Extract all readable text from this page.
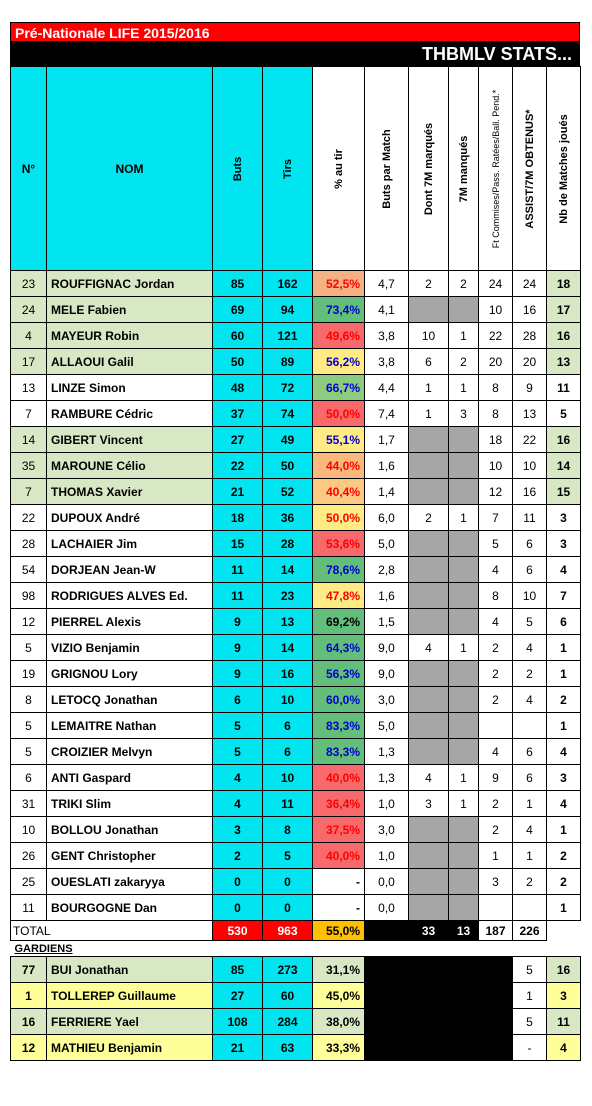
Pré-Nationale LIFE 2015/2016
THBMLV STATS...
N°	NOM	Buts	Tirs	% au tir	Buts par Match	Dont 7M marqués	7M manqués	Ft Commises/Pass. Ratées/Ball. Pend.*	ASSIST/7M OBTENUS*	Nb de Matches joués

23	ROUFFIGNAC Jordan	85	162	52,5%	4,7	2	2	24	24	18
24	MELE Fabien	69	94	73,4%	4,1			10	16	17
4	MAYEUR Robin	60	121	49,6%	3,8	10	1	22	28	16
17	ALLAOUI Galil	50	89	56,2%	3,8	6	2	20	20	13
13	LINZE Simon	48	72	66,7%	4,4	1	1	8	9	11
7	RAMBURE Cédric	37	74	50,0%	7,4	1	3	8	13	5
14	GIBERT Vincent	27	49	55,1%	1,7			18	22	16
35	MAROUNE Célio	22	50	44,0%	1,6			10	10	14
7	THOMAS Xavier	21	52	40,4%	1,4			12	16	15
22	DUPOUX André	18	36	50,0%	6,0	2	1	7	11	3
28	LACHAIER Jim	15	28	53,6%	5,0			5	6	3
54	DORJEAN Jean-W	11	14	78,6%	2,8			4	6	4
98	RODRIGUES ALVES Ed.	11	23	47,8%	1,6			8	10	7
12	PIERREL Alexis	9	13	69,2%	1,5			4	5	6
5	VIZIO Benjamin	9	14	64,3%	9,0	4	1	2	4	1
19	GRIGNOU Lory	9	16	56,3%	9,0			2	2	1
8	LETOCQ Jonathan	6	10	60,0%	3,0			2	4	2
5	LEMAITRE Nathan	5	6	83,3%	5,0					1
5	CROIZIER Melvyn	5	6	83,3%	1,3			4	6	4
6	ANTI Gaspard	4	10	40,0%	1,3	4	1	9	6	3
31	TRIKI Slim	4	11	36,4%	1,0	3	1	2	1	4
10	BOLLOU Jonathan	3	8	37,5%	3,0			2	4	1
26	GENT Christopher	2	5	40,0%	1,0			1	1	2
25	OUESLATI zakaryya	0	0	-	0,0			3	2	2
11	BOURGOGNE Dan	0	0	-	0,0					1
TOTAL		530	963	55,0%		33	13	187	226	
GARDIENS										
77	BUI Jonathan	85	273	31,1%					5	16
1	TOLLEREP Guillaume	27	60	45,0%					1	3
16	FERRIERE Yael	108	284	38,0%					5	11
12	MATHIEU Benjamin	21	63	33,3%					-	4
